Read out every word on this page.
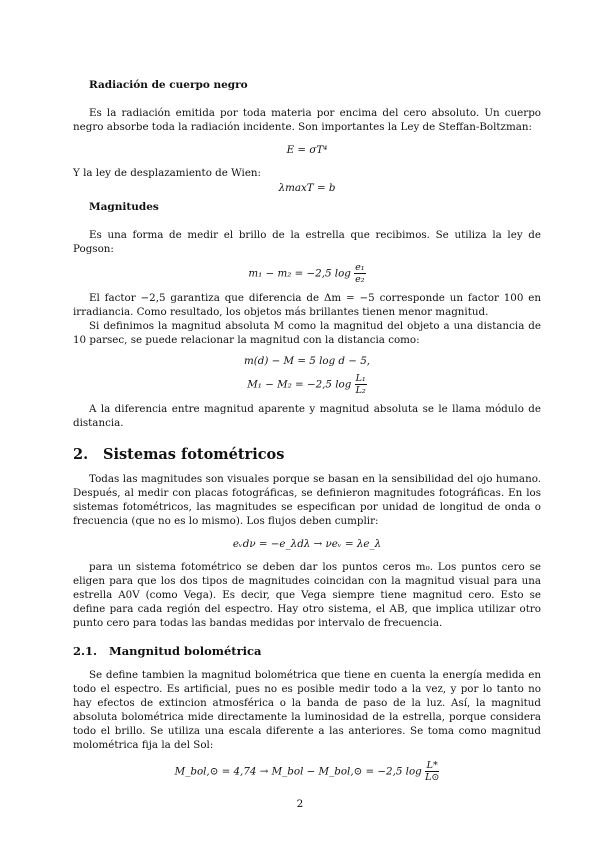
Radiación de cuerpo negro

Es la radiación emitida por toda materia por encima del cero absoluto. Un cuerpo negro absorbe toda la radiación incidente. Son importantes la Ley de Steffan-Boltzman:

E = σT⁴

Y la ley de desplazamiento de Wien:

λmaxT = b

Magnitudes

Es una forma de medir el brillo de la estrella que recibimos. Se utiliza la ley de Pogson:

m₁ − m₂ = −2,5 $\log \frac{\text{e₁}}{\text{e₂}}$

El factor −2,5 garantiza que diferencia de Δm = −5 corresponde un factor 100 en irradiancia. Como resultado, los objetos más brillantes tienen menor magnitud.

Si definimos la magnitud absoluta M como la magnitud del objeto a una distancia de 10 parsec, se puede relacionar la magnitud con la distancia como:

m(d) − M = 5 log d − 5,

M₁ − M₂ = −2,5 $\log \frac{\text{L₁}}{\text{L₂}}$

A la diferencia entre magnitud aparente y magnitud absoluta se le llama módulo de distancia.

2. Sistemas fotométricos

Todas las magnitudes son visuales porque se basan en la sensibilidad del ojo humano. Después, al medir con placas fotográficas, se definieron magnitudes fotográficas. En los sistemas fotométricos, las magnitudes se especifican por unidad de longitud de onda o frecuencia (que no es lo mismo). Los flujos deben cumplir:

eᵥdν = −e_λdλ → νeᵥ = λe_λ

para un sistema fotométrico se deben dar los puntos ceros m₀. Los puntos cero se eligen para que los dos tipos de magnitudes coincidan con la magnitud visual para una estrella A0V (como Vega). Es decir, que Vega siempre tiene magnitud cero. Esto se define para cada región del espectro. Hay otro sistema, el AB, que implica utilizar otro punto cero para todas las bandas medidas por intervalo de frecuencia.

2.1. Mangnitud bolométrica

Se define tambien la magnitud bolométrica que tiene en cuenta la energía medida en todo el espectro. Es artificial, pues no es posible medir todo a la vez, y por lo tanto no hay efectos de extincion atmosférica o la banda de paso de la luz. Así, la magnitud absoluta bolométrica mide directamente la luminosidad de la estrella, porque considera todo el brillo. Se utiliza una escala diferente a las anteriores. Se toma como magnitud molométrica fija la del Sol:

M_bol,⊙ = 4,74 → M_bol − M_bol,⊙ = −2,5 $\log \frac{L*}{L⊙}$

2
